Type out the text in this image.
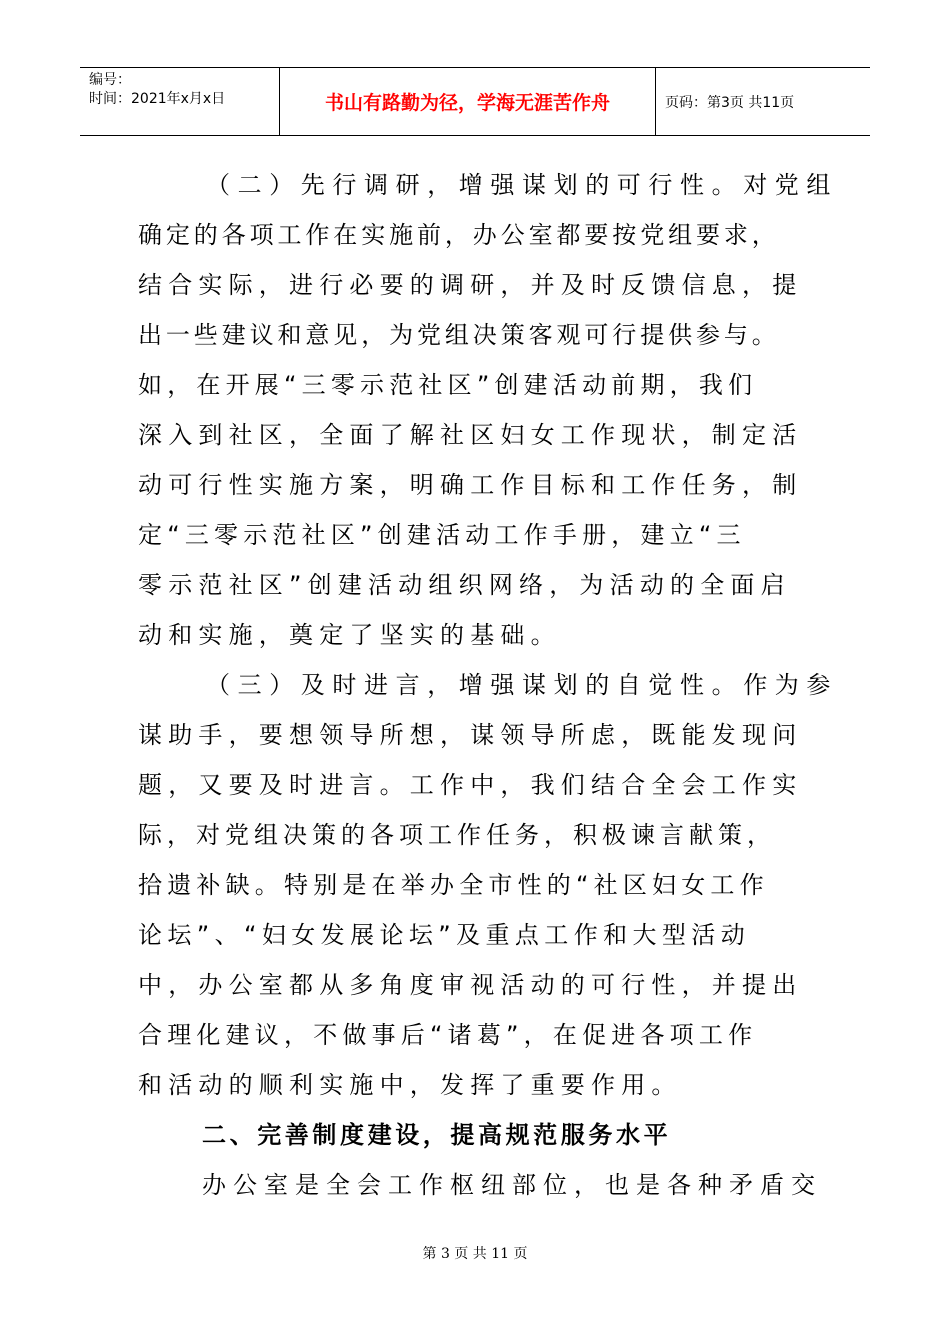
编号：
时间：2021年x月x日	书山有路勤为径，学海无涯苦作舟	页码：第3页 共11页
（二）先行调研，增强谋划的可行性。对党组
确定的各项工作在实施前，办公室都要按党组要求，
结合实际，进行必要的调研，并及时反馈信息，提
出一些建议和意见，为党组决策客观可行提供参与。
如，在开展“三零示范社区”创建活动前期，我们
深入到社区，全面了解社区妇女工作现状，制定活
动可行性实施方案，明确工作目标和工作任务，制
定“三零示范社区”创建活动工作手册，建立“三
零示范社区”创建活动组织网络，为活动的全面启
动和实施，奠定了坚实的基础。
（三）及时进言，增强谋划的自觉性。作为参
谋助手，要想领导所想，谋领导所虑，既能发现问
题，又要及时进言。工作中，我们结合全会工作实
际，对党组决策的各项工作任务，积极谏言献策，
拾遗补缺。特别是在举办全市性的“社区妇女工作
论坛”、“妇女发展论坛”及重点工作和大型活动
中，办公室都从多角度审视活动的可行性，并提出
合理化建议，不做事后“诸葛”，在促进各项工作
和活动的顺利实施中，发挥了重要作用。
二、完善制度建设，提高规范服务水平
办公室是全会工作枢纽部位，也是各种矛盾交
第 3 页 共 11 页
